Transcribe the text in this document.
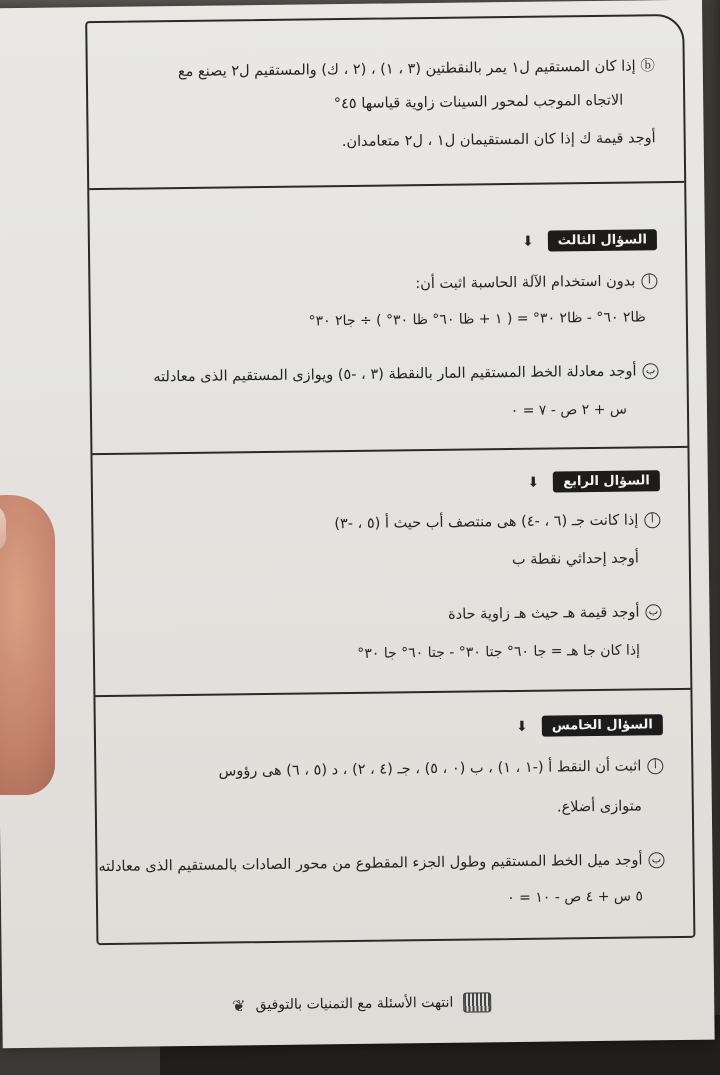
ⓑ إذا كان المستقيم ل١ يمر بالنقطتين (٣ ، ١) ، (٢ ، ك) والمستقيم ل٢ يصنع مع
الاتجاه الموجب لمحور السينات زاوية قياسها ٤٥°
أوجد قيمة ك إذا كان المستقيمان ل١ ، ل٢ متعامدان.
السؤال الثالث
⬇
أبدون استخدام الآلة الحاسبة اثبت أن:
ظا٢ ٦٠° - ظا٢ ٣٠° = ( ١ + ظا ٦٠° ظا ٣٠° ) ÷ جا٢ ٣٠°
بأوجد معادلة الخط المستقيم المار بالنقطة (٣ ، -٥) ويوازى المستقيم الذى معادلته
س + ٢ ص - ٧ = ٠
السؤال الرابع
⬇
أإذا كانت جـ (٦ ، -٤) هى منتصف أب حيث أ (٥ ، -٣)
أوجد إحداثي نقطة ب
بأوجد قيمة هـ حيث هـ زاوية حادة
إذا كان جا هـ = جا ٦٠° جتا ٣٠° - جتا ٦٠° جا ٣٠°
السؤال الخامس
⬇
أاثبت أن النقط أ (-١ ، ١) ، ب (٠ ، ٥) ، جـ (٤ ، ٢) ، د (٥ ، ٦) هى رؤوس
متوازى أضلاع.
بأوجد ميل الخط المستقيم وطول الجزء المقطوع من محور الصادات بالمستقيم الذى معادلته
٥ س + ٤ ص - ١٠ = ٠
انتهت الأسئلة مع التمنيات بالتوفيق
❦
